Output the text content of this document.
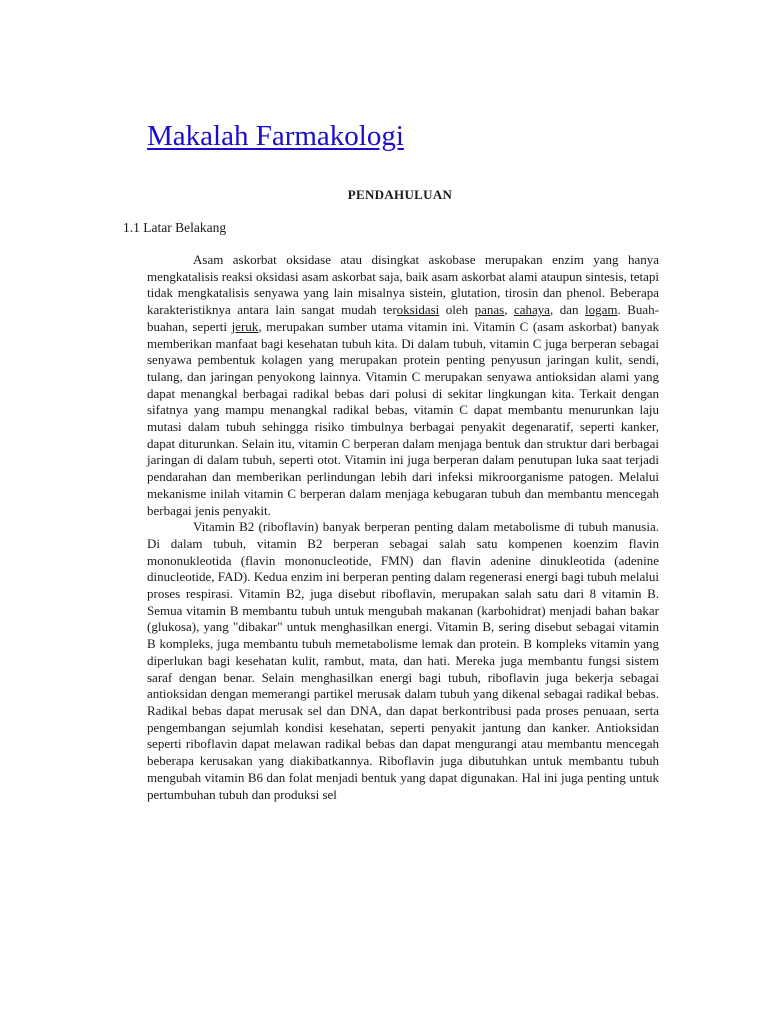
Makalah Farmakologi
PENDAHULUAN
1.1 Latar Belakang

Asam askorbat oksidase atau disingkat askobase merupakan enzim yang hanya mengkatalisis reaksi oksidasi asam askorbat saja, baik asam askorbat alami ataupun sintesis, tetapi tidak mengkatalisis senyawa yang lain misalnya sistein, glutation, tirosin dan phenol. Beberapa karakteristiknya antara lain sangat mudah teroksidasi oleh panas, cahaya, dan logam. Buah-buahan, seperti jeruk, merupakan sumber utama vitamin ini. Vitamin C (asam askorbat) banyak memberikan manfaat bagi kesehatan tubuh kita. Di dalam tubuh, vitamin C juga berperan sebagai senyawa pembentuk kolagen yang merupakan protein penting penyusun jaringan kulit, sendi, tulang, dan jaringan penyokong lainnya. Vitamin C merupakan senyawa antioksidan alami yang dapat menangkal berbagai radikal bebas dari polusi di sekitar lingkungan kita. Terkait dengan sifatnya yang mampu menangkal radikal bebas, vitamin C dapat membantu menurunkan laju mutasi dalam tubuh sehingga risiko timbulnya berbagai penyakit degenaratif, seperti kanker, dapat diturunkan. Selain itu, vitamin C berperan dalam menjaga bentuk dan struktur dari berbagai jaringan di dalam tubuh, seperti otot. Vitamin ini juga berperan dalam penutupan luka saat terjadi pendarahan dan memberikan perlindungan lebih dari infeksi mikroorganisme patogen. Melalui mekanisme inilah vitamin C berperan dalam menjaga kebugaran tubuh dan membantu mencegah berbagai jenis penyakit.

Vitamin B2 (riboflavin) banyak berperan penting dalam metabolisme di tubuh manusia. Di dalam tubuh, vitamin B2 berperan sebagai salah satu kompenen koenzim flavin mononukleotida (flavin mononucleotide, FMN) dan flavin adenine dinukleotida (adenine dinucleotide, FAD). Kedua enzim ini berperan penting dalam regenerasi energi bagi tubuh melalui proses respirasi. Vitamin B2, juga disebut riboflavin, merupakan salah satu dari 8 vitamin B. Semua vitamin B membantu tubuh untuk mengubah makanan (karbohidrat) menjadi bahan bakar (glukosa), yang "dibakar" untuk menghasilkan energi. Vitamin B, sering disebut sebagai vitamin B kompleks, juga membantu tubuh memetabolisme lemak dan protein. B kompleks vitamin yang diperlukan bagi kesehatan kulit, rambut, mata, dan hati. Mereka juga membantu fungsi sistem saraf dengan benar. Selain menghasilkan energi bagi tubuh, riboflavin juga bekerja sebagai antioksidan dengan memerangi partikel merusak dalam tubuh yang dikenal sebagai radikal bebas. Radikal bebas dapat merusak sel dan DNA, dan dapat berkontribusi pada proses penuaan, serta pengembangan sejumlah kondisi kesehatan, seperti penyakit jantung dan kanker. Antioksidan seperti riboflavin dapat melawan radikal bebas dan dapat mengurangi atau membantu mencegah beberapa kerusakan yang diakibatkannya. Riboflavin juga dibutuhkan untuk membantu tubuh mengubah vitamin B6 dan folat menjadi bentuk yang dapat digunakan. Hal ini juga penting untuk pertumbuhan tubuh dan produksi sel
